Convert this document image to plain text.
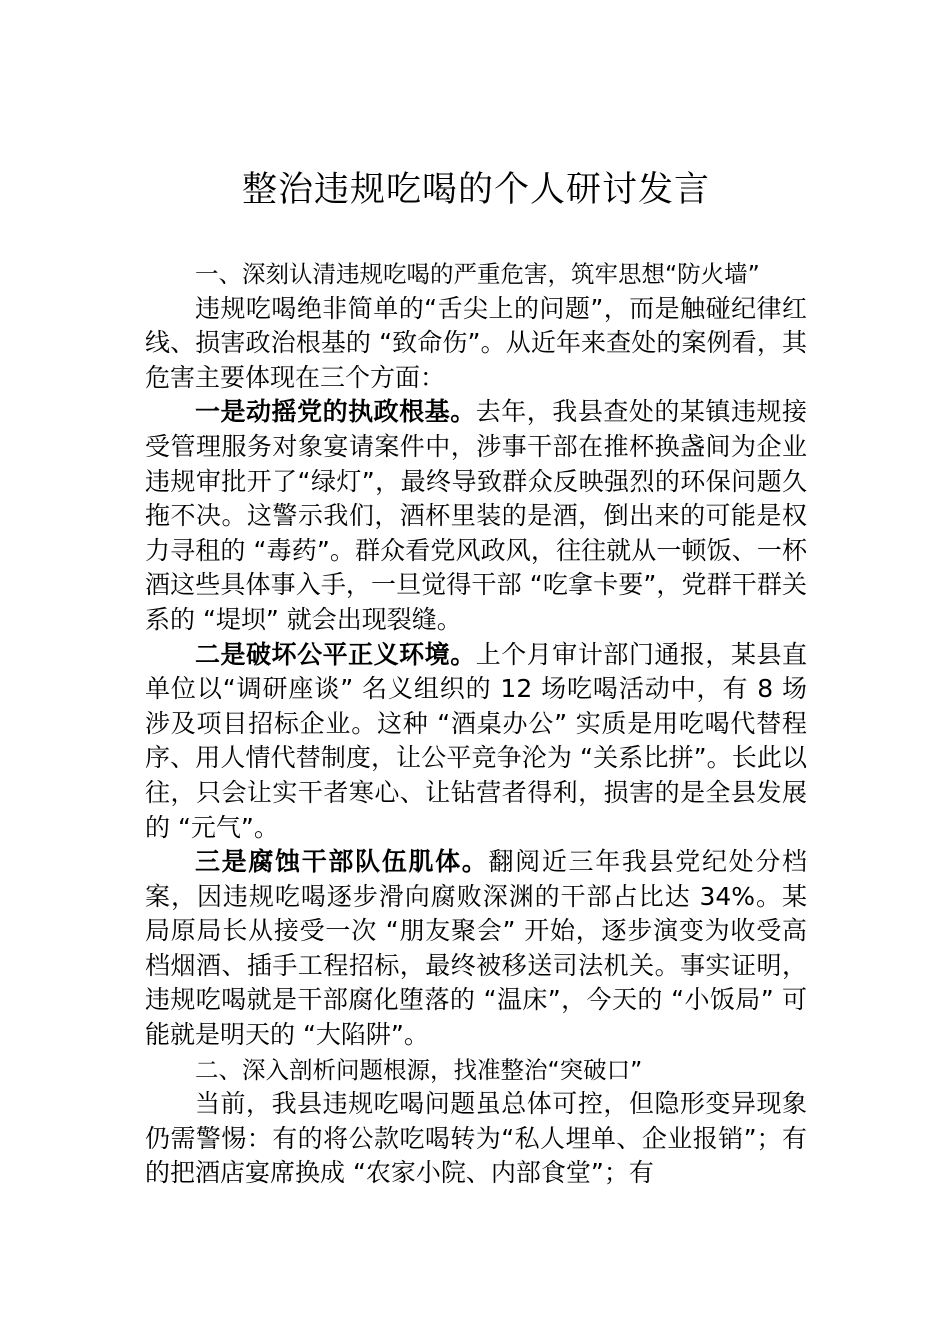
整治违规吃喝的个人研讨发言

一、深刻认清违规吃喝的严重危害，筑牢思想“防火墙”

违规吃喝绝非简单的“舌尖上的问题”，而是触碰纪律红线、损害政治根基的 “致命伤”。从近年来查处的案例看，其危害主要体现在三个方面：

一是动摇党的执政根基。去年，我县查处的某镇违规接受管理服务对象宴请案件中，涉事干部在推杯换盏间为企业违规审批开了“绿灯”，最终导致群众反映强烈的环保问题久拖不决。这警示我们，酒杯里装的是酒，倒出来的可能是权力寻租的 “毒药”。群众看党风政风，往往就从一顿饭、一杯酒这些具体事入手，一旦觉得干部 “吃拿卡要”，党群干群关系的 “堤坝” 就会出现裂缝。

二是破坏公平正义环境。上个月审计部门通报，某县直单位以“调研座谈” 名义组织的 12 场吃喝活动中，有 8 场涉及项目招标企业。这种 “酒桌办公” 实质是用吃喝代替程序、用人情代替制度，让公平竞争沦为 “关系比拼”。长此以往，只会让实干者寒心、让钻营者得利，损害的是全县发展的 “元气”。

三是腐蚀干部队伍肌体。翻阅近三年我县党纪处分档案，因违规吃喝逐步滑向腐败深渊的干部占比达 34%。某局原局长从接受一次 “朋友聚会” 开始，逐步演变为收受高档烟酒、插手工程招标，最终被移送司法机关。事实证明，违规吃喝就是干部腐化堕落的 “温床”，今天的 “小饭局” 可能就是明天的 “大陷阱”。

二、深入剖析问题根源，找准整治“突破口”

当前，我县违规吃喝问题虽总体可控，但隐形变异现象仍需警惕：有的将公款吃喝转为“私人埋单、企业报销”；有的把酒店宴席换成 “农家小院、内部食堂”；有
